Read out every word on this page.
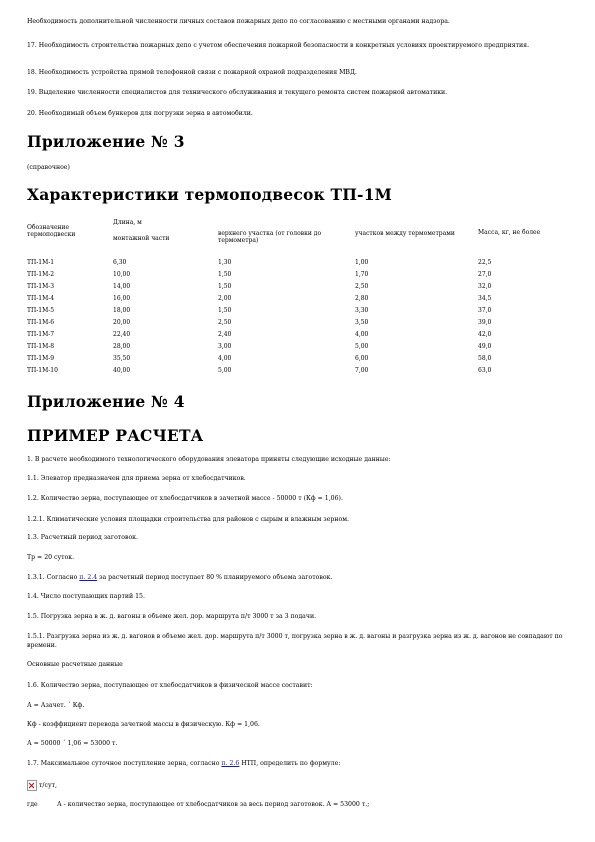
Необходимость дополнительной численности личных составов пожарных депо по согласованию с местными органами надзора.
17. Необходимость строительства пожарных депо с учетом обеспечения пожарной безопасности в конкретных условиях проектируемого предприятия.
18. Необходимость устройства прямой телефонной связи с пожарной охраной подразделения МВД.
19. Выделение численности специалистов для технического обслуживания и текущего ремонта систем пожарной автоматики.
20. Необходимый объем бункеров для погрузки зерна в автомобили.
Приложение № 3
(справочное)
Характеристики термоподвесок ТП-1М
Обозначение термоподвески	Длина, м			Масса, кг, не более
	монтажной части	верхнего участка (от головки до термометра)	участков между термометрами	
ТП-1М-1	6,30	1,30	1,00	22,5
ТП-1М-2	10,00	1,50	1,70	27,0
ТП-1М-3	14,00	1,50	2,50	32,0
ТП-1М-4	16,00	2,00	2,80	34,5
ТП-1М-5	18,00	1,50	3,30	37,0
ТП-1М-6	20,00	2,50	3,50	39,0
ТП-1М-7	22,40	2,40	4,00	42,0
ТП-1М-8	28,00	3,00	5,00	49,0
ТП-1М-9	35,50	4,00	6,00	58,0
ТП-1М-10	40,00	5,00	7,00	63,0
Приложение № 4
ПРИМЕР РАСЧЕТА
1. В расчете необходимого технологического оборудования элеватора приняты следующие исходные данные:
1.1. Элеватор предназначен для приема зерна от хлебосдатчиков.
1.2. Количество зерна, поступающее от хлебосдатчиков в зачетной массе - 50000 т (Кф = 1,06).
1.2.1. Климатические условия площадки строительства для районов с сырым и влажным зерном.
1.3. Расчетный период заготовок.
Тр = 20 суток.
1.3.1. Согласно п. 2.4 за расчетный период поступает 80 % планируемого объема заготовок.
1.4. Число поступающих партий 15.
1.5. Погрузка зерна в ж. д. вагоны в объеме жел. дор. маршрута п/т 3000 т за 3 подачи.
1.5.1. Разгрузка зерна из ж. д. вагонов в объеме жел. дор. маршрута п/т 3000 т, погрузка зерна в ж. д. вагоны и разгрузка зерна из ж. д. вагонов не совпадают по времени.
Основные расчетные данные
1.6. Количество зерна, поступающее от хлебосдатчиков в физической массе составит:
А = Азачет. ´ Кф.
Кф - коэффициент перевода зачетной массы в физическую. Кф = 1,06.
А = 50000 ´ 1,06 = 53000 т.
1.7. Максимальное суточное поступление зерна, согласно п. 2.6 НТП, определить по формуле:
т/сут,
где	А - количество зерна, поступающее от хлебосдатчиков за весь период заготовок. А = 53000 т.;
